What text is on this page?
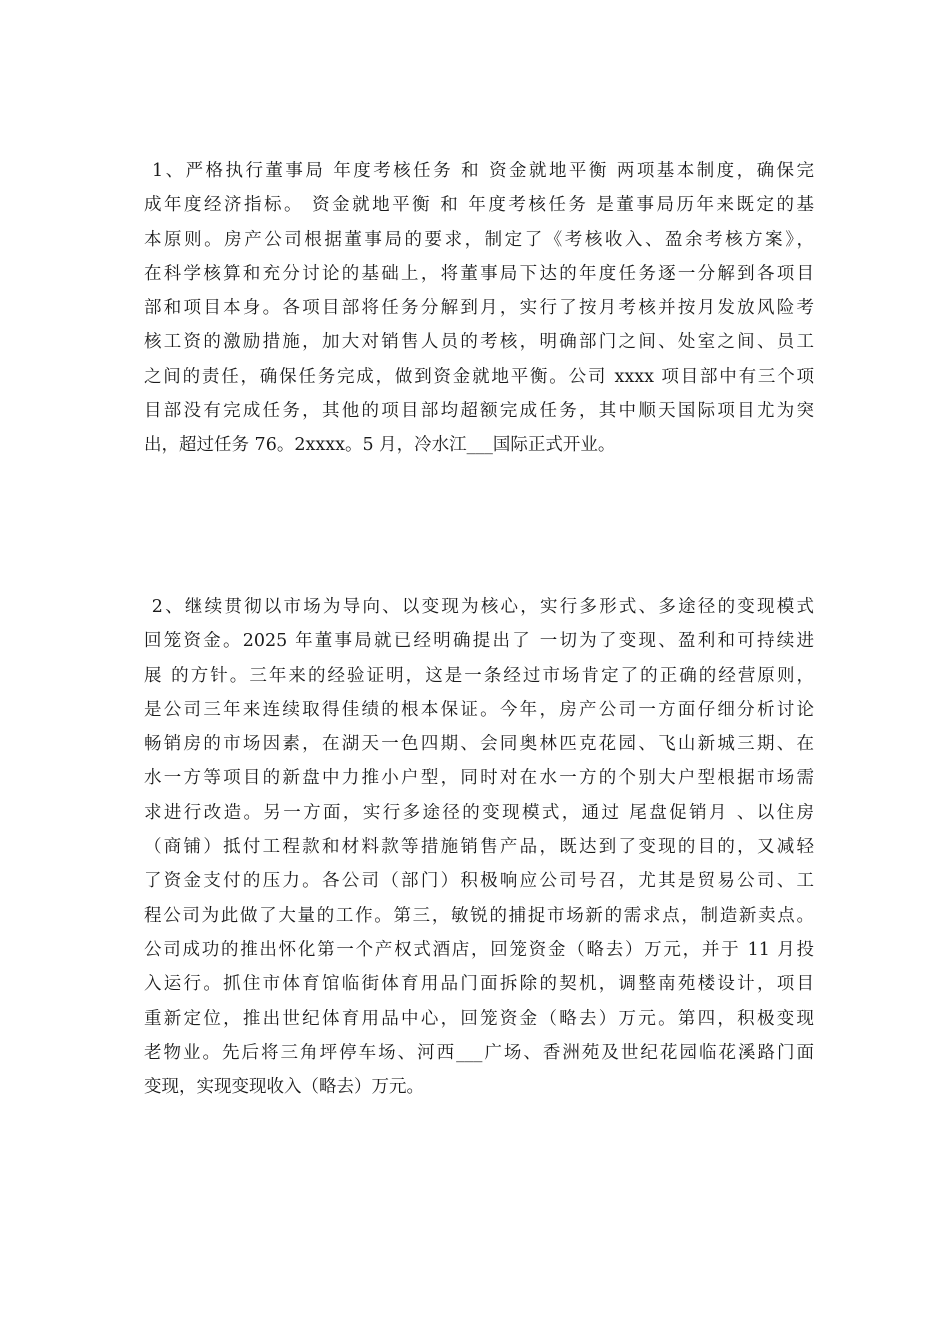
1、严格执行董事局 年度考核任务 和 资金就地平衡 两项基本制度，确保完
成年度经济指标。 资金就地平衡 和 年度考核任务 是董事局历年来既定的基
本原则。房产公司根据董事局的要求，制定了《考核收入、盈余考核方案》，
在科学核算和充分讨论的基础上，将董事局下达的年度任务逐一分解到各项目
部和项目本身。各项目部将任务分解到月，实行了按月考核并按月发放风险考
核工资的激励措施，加大对销售人员的考核，明确部门之间、处室之间、员工
之间的责任，确保任务完成，做到资金就地平衡。公司 xxxx 项目部中有三个项
目部没有完成任务，其他的项目部均超额完成任务，其中顺天国际项目尤为突
出，超过任务 76。2xxxx。5 月，冷水江___国际正式开业。
2、继续贯彻以市场为导向、以变现为核心，实行多形式、多途径的变现模式
回笼资金。2025 年董事局就已经明确提出了 一切为了变现、盈利和可持续进
展 的方针。三年来的经验证明，这是一条经过市场肯定了的正确的经营原则，
是公司三年来连续取得佳绩的根本保证。今年，房产公司一方面仔细分析讨论
畅销房的市场因素，在湖天一色四期、会同奥林匹克花园、飞山新城三期、在
水一方等项目的新盘中力推小户型，同时对在水一方的个别大户型根据市场需
求进行改造。另一方面，实行多途径的变现模式，通过 尾盘促销月 、以住房
（商铺）抵付工程款和材料款等措施销售产品，既达到了变现的目的，又减轻
了资金支付的压力。各公司（部门）积极响应公司号召，尤其是贸易公司、工
程公司为此做了大量的工作。第三，敏锐的捕捉市场新的需求点，制造新卖点。
公司成功的推出怀化第一个产权式酒店，回笼资金（略去）万元，并于 11 月投
入运行。抓住市体育馆临街体育用品门面拆除的契机，调整南苑楼设计，项目
重新定位，推出世纪体育用品中心，回笼资金（略去）万元。第四，积极变现
老物业。先后将三角坪停车场、河西___广场、香洲苑及世纪花园临花溪路门面
变现，实现变现收入（略去）万元。
